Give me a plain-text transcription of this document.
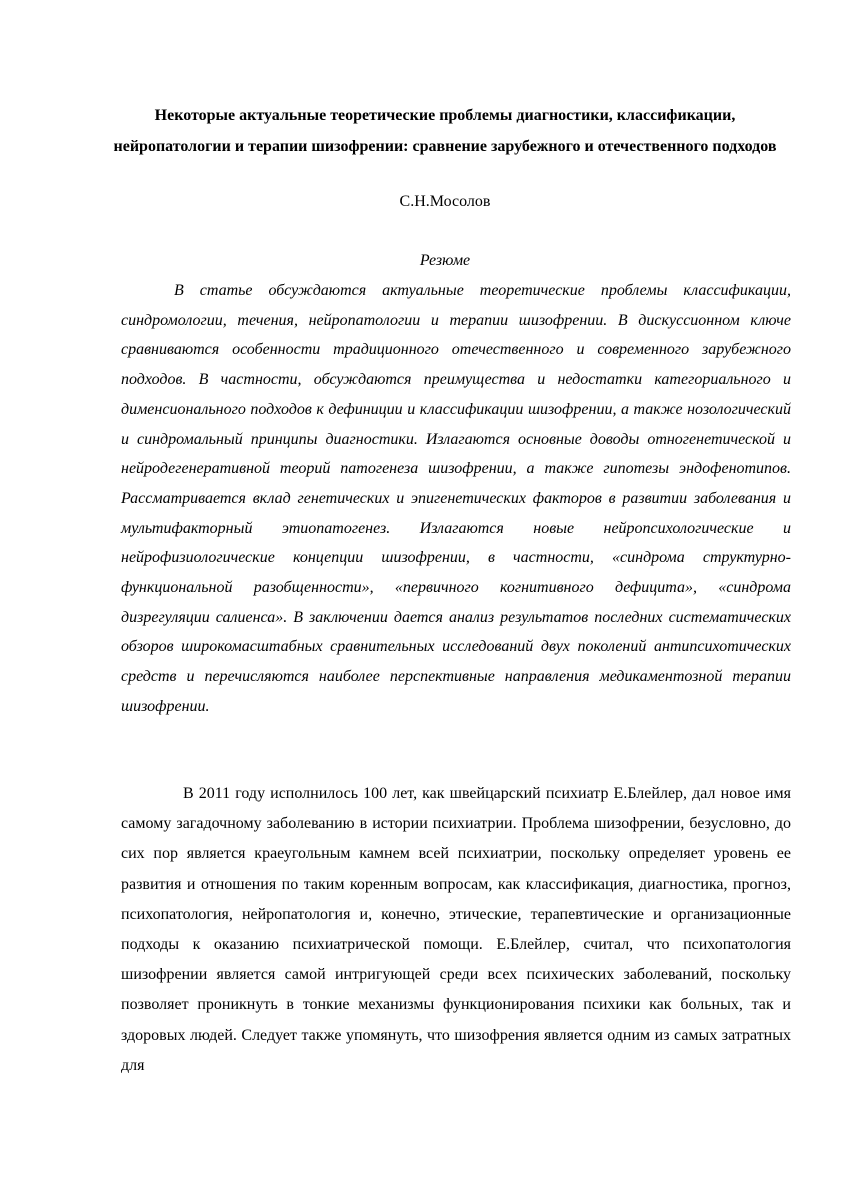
Некоторые актуальные теоретические проблемы диагностики, классификации, нейропатологии и терапии шизофрении: сравнение зарубежного и отечественного подходов

С.Н.Мосолов

Резюме

В статье обсуждаются актуальные теоретические проблемы классификации, синдромологии, течения, нейропатологии и терапии шизофрении. В дискуссионном ключе сравниваются особенности традиционного отечественного и современного зарубежного подходов. В частности, обсуждаются преимущества и недостатки категориального и дименсионального подходов к дефиниции и классификации шизофрении, а также нозологический и синдромальный принципы диагностики. Излагаются основные доводы отногенетической и нейродегенеративной теорий патогенеза шизофрении, а также гипотезы эндофенотипов. Рассматривается вклад генетических и эпигенетических факторов в развитии заболевания и мультифакторный этиопатогенез. Излагаются новые нейропсихологические и нейрофизиологические концепции шизофрении, в частности, «синдрома структурно-функциональной разобщенности», «первичного когнитивного дефицита», «синдрома дизрегуляции салиенса». В заключении дается анализ результатов последних систематических обзоров широкомасштабных сравнительных исследований двух поколений антипсихотических средств и перечисляются наиболее перспективные направления медикаментозной терапии шизофрении.

В 2011 году исполнилось 100 лет, как швейцарский психиатр Е.Блейлер, дал новое имя самому загадочному заболеванию в истории психиатрии. Проблема шизофрении, безусловно, до сих пор является краеугольным камнем всей психиатрии, поскольку определяет уровень ее развития и отношения по таким коренным вопросам, как классификация, диагностика, прогноз, психопатология, нейропатология и, конечно, этические, терапевтические и организационные подходы к оказанию психиатрической помощи. Е.Блейлер, считал, что психопатология шизофрении является самой интригующей среди всех психических заболеваний, поскольку позволяет проникнуть в тонкие механизмы функционирования психики как больных, так и здоровых людей. Следует также упомянуть, что шизофрения является одним из самых затратных для
